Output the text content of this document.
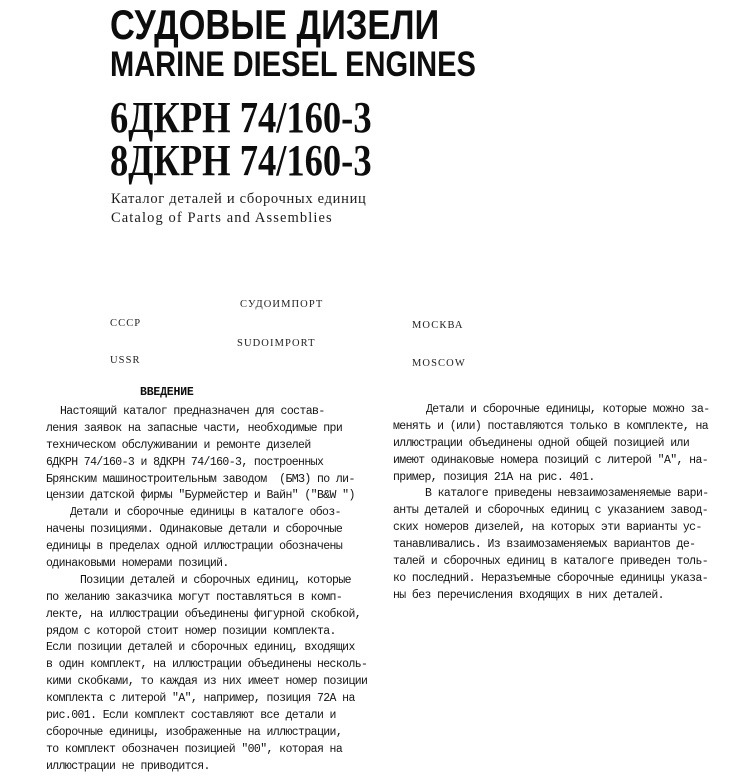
СУДОВЫЕ ДИЗЕЛИ
MARINE DIESEL ENGINES
6ДКРН 74/160-3
8ДКРН 74/160-3
Каталог деталей и сборочных единиц
Catalog of Parts and Assemblies
СУДОИМПОРТ
СССР	МОСКВА
SUDOIMPORT
USSR	MOSCOW
ВВЕДЕНИЕ
Настоящий каталог предназначен для состав-
ления заявок на запасные части, необходимые при
техническом обслуживании и ремонте дизелей
6ДКРН 74/160-3 и 8ДКРН 74/160-3, построенных
Брянским машиностроительным заводом  (БМЗ) по ли-
цензии датской фирмы "Бурмейстер и Вайн" ("B&W ")
Детали и сборочные единицы в каталоге обоз-
начены позициями. Одинаковые детали и сборочные
единицы в пределах одной иллюстрации обозначены
одинаковыми номерами позиций.
Позиции деталей и сборочных единиц, которые
по желанию заказчика могут поставляться в комп-
лекте, на иллюстрации объединены фигурной скобкой,
рядом с которой стоит номер позиции комплекта.
Если позиции деталей и сборочных единиц, входящих
в один комплект, на иллюстрации объединены несколь-
кими скобками, то каждая из них имеет номер позиции
комплекта с литерой "А", например, позиция 72А на
рис.001. Если комплект составляют все детали и
сборочные единицы, изображенные на иллюстрации,
то комплект обозначен позицией "00", которая на
иллюстрации не приводится.
Детали и сборочные единицы, которые можно за-
менять и (или) поставляются только в комплекте, на
иллюстрации объединены одной общей позицией или
имеют одинаковые номера позиций с литерой "А", на-
пример, позиция 21А на рис. 401.
В каталоге приведены невзаимозаменяемые вари-
анты деталей и сборочных единиц с указанием завод-
ских номеров дизелей, на которых эти варианты ус-
танавливались. Из взаимозаменяемых вариантов де-
талей и сборочных единиц в каталоге приведен толь-
ко последний. Неразъемные сборочные единицы указа-
ны без перечисления входящих в них деталей.
